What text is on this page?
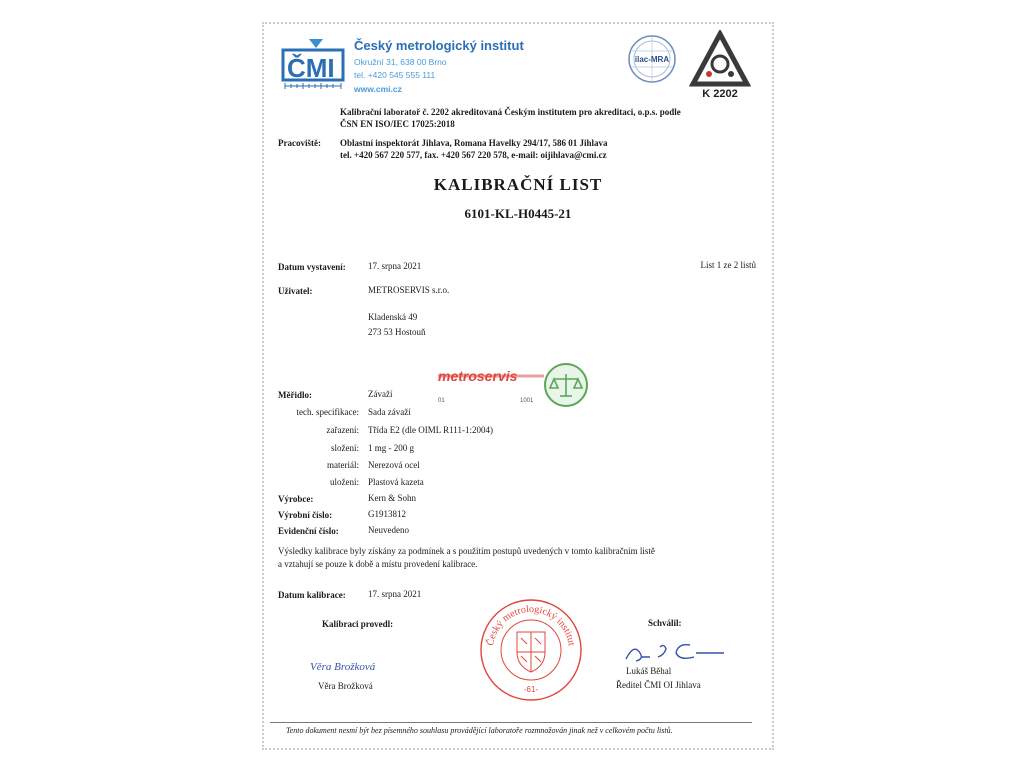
ČMI
Český metrologický institut
Okružní 31, 638 00 Brno
tel. +420 545 555 111
www.cmi.cz
ilac-MRA
K 2202
Kalibrační laboratoř č. 2202 akreditovaná Českým institutem pro akreditaci, o.p.s. podle
ČSN EN ISO/IEC 17025:2018
Pracoviště: Oblastní inspektorát Jihlava, Romana Havelky 294/17, 586 01 Jihlava
tel. +420 567 220 577, fax. +420 567 220 578, e-mail: oijihlava@cmi.cz
KALIBRAČNÍ LIST
6101-KL-H0445-21
Datum vystavení: 17. srpna 2021	List 1 ze 2 listů
Uživatel:	METROSERVIS s.r.o.
Kladenská 49
273 53 Hostouň
metroservis
01	1001
Měřidlo:	Závaží
tech. specifikace: Sada závaží
zařazení: Třída E2 (dle OIML R111-1:2004)
složení: 1 mg - 200 g
materiál: Nerezová ocel
uložení: Plastová kazeta
Výrobce:	Kern & Sohn
Výrobní číslo:	G1913812
Evidenční číslo:	Neuvedeno
Výsledky kalibrace byly získány za podmínek a s použitím postupů uvedených v tomto kalibračním listě
a vztahují se pouze k době a místu provedení kalibrace.
Datum kalibrace: 17. srpna 2021
Kalibraci provedl:
Věra Brožková
Věra Brožková
Český metrologický institut
-61-
Schválil:
Lukáš Běhal
Ředitel ČMI OI Jihlava
Tento dokument nesmí být bez písemného souhlasu provádějící laboratoře rozmnožován jinak než v celkovém počtu listů.
